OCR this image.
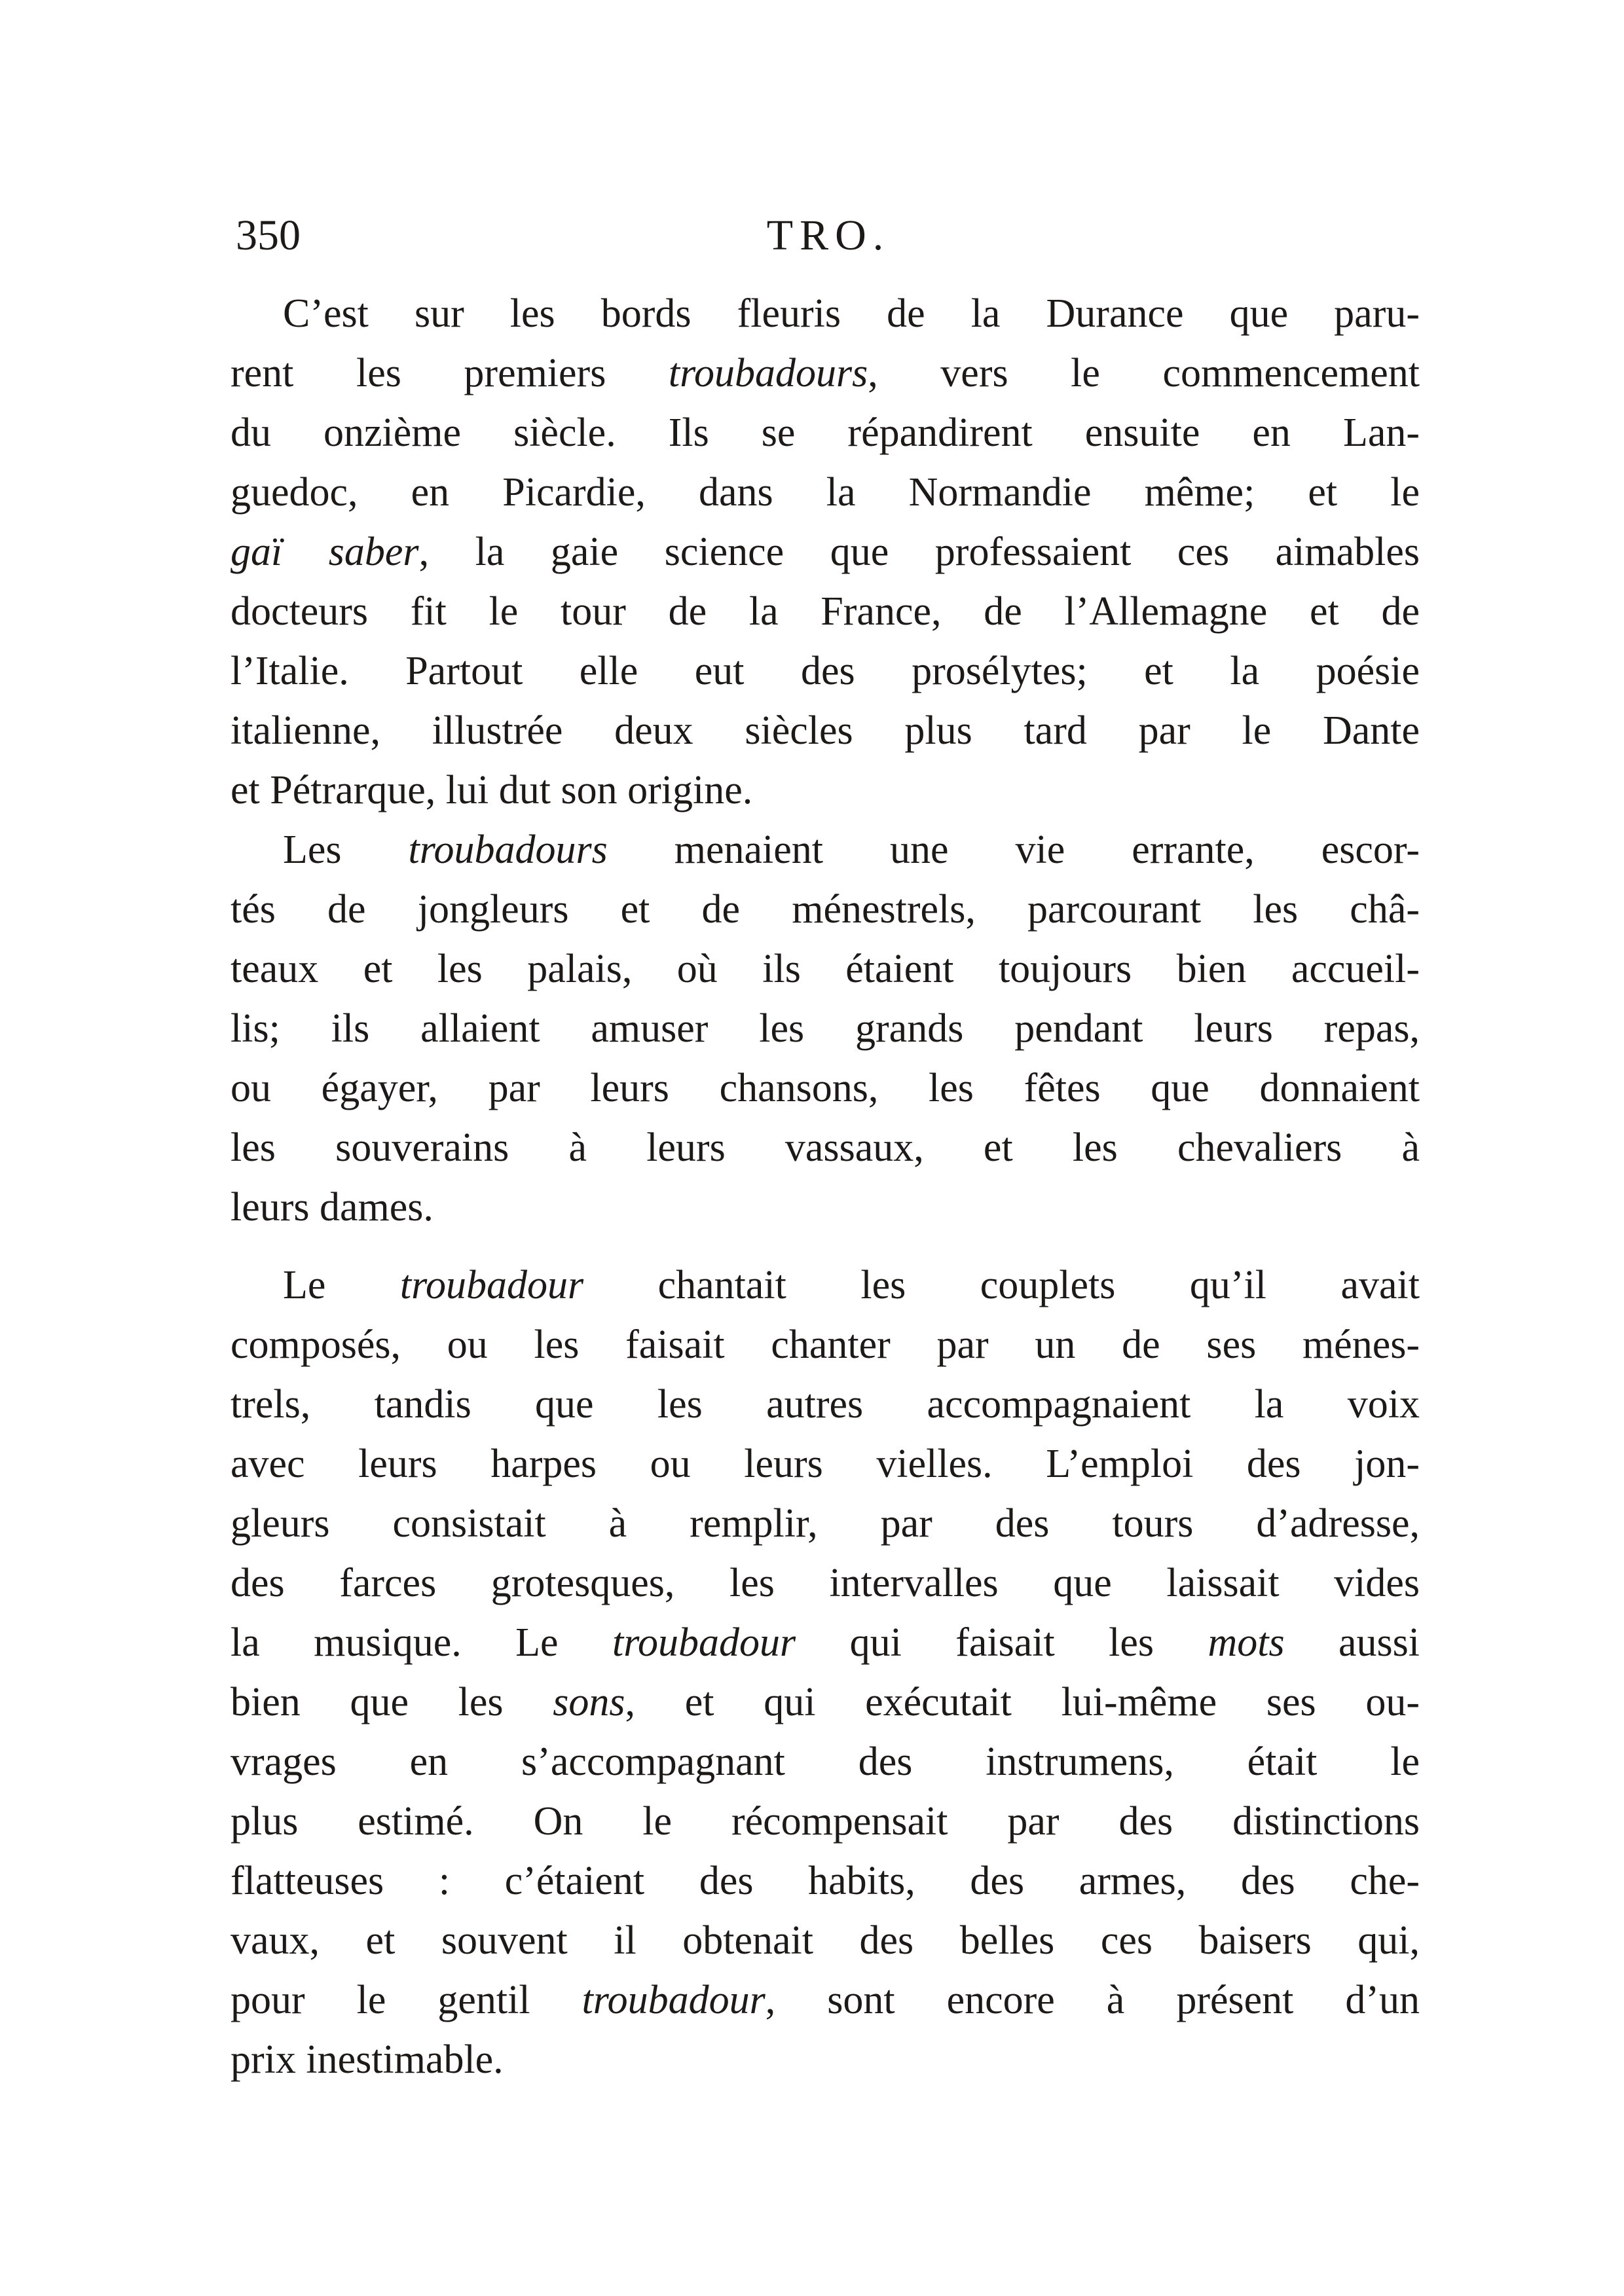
350	TRO.
C’est sur les bords fleuris de la Durance que paru-
rent les premiers troubadours, vers le commencement
du onzième siècle. Ils se répandirent ensuite en Lan-
guedoc, en Picardie, dans la Normandie même; et le
gaï saber, la gaie science que professaient ces aimables
docteurs fit le tour de la France, de l’Allemagne et de
l’Italie. Partout elle eut des prosélytes; et la poésie
italienne, illustrée deux siècles plus tard par le Dante
et Pétrarque, lui dut son origine.
Les troubadours menaient une vie errante, escor-
tés de jongleurs et de ménestrels, parcourant les châ-
teaux et les palais, où ils étaient toujours bien accueil-
lis; ils allaient amuser les grands pendant leurs repas,
ou égayer, par leurs chansons, les fêtes que donnaient
les souverains à leurs vassaux, et les chevaliers à
leurs dames.
Le troubadour chantait les couplets qu’il avait
composés, ou les faisait chanter par un de ses ménes-
trels, tandis que les autres accompagnaient la voix
avec leurs harpes ou leurs vielles. L’emploi des jon-
gleurs consistait à remplir, par des tours d’adresse,
des farces grotesques, les intervalles que laissait vides
la musique. Le troubadour qui faisait les mots aussi
bien que les sons, et qui exécutait lui-même ses ou-
vrages en s’accompagnant des instrumens, était le
plus estimé. On le récompensait par des distinctions
flatteuses : c’étaient des habits, des armes, des che-
vaux, et souvent il obtenait des belles ces baisers qui,
pour le gentil troubadour, sont encore à présent d’un
prix inestimable.
